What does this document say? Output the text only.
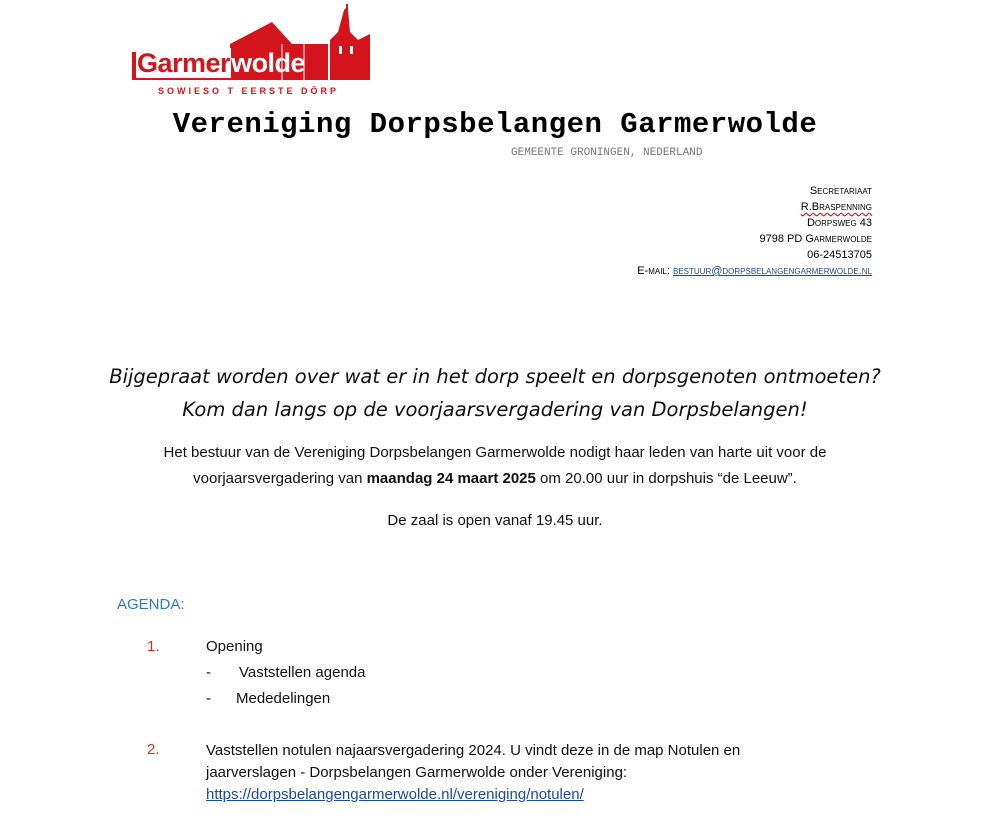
Garmerwolde
SOWIESO T EERSTE DÖRP
Vereniging Dorpsbelangen Garmerwolde
GEMEENTE GRONINGEN, NEDERLAND
Secretariaat
R.Braspenning
Dorpsweg 43
9798 PD Garmerwolde
06-24513705
E-mail: bestuur@dorpsbelangengarmerwolde.nl
Bijgepraat worden over wat er in het dorp speelt en dorpsgenoten ontmoeten?
Kom dan langs op de voorjaarsvergadering van Dorpsbelangen!
Het bestuur van de Vereniging Dorpsbelangen Garmerwolde nodigt haar leden van harte uit voor de voorjaarsvergadering van maandag 24 maart 2025 om 20.00 uur in dorpshuis “de Leeuw”.
De zaal is open vanaf 19.45 uur.
AGENDA:
1.	Opening
- Vaststellen agenda
- Mededelingen
2.	Vaststellen notulen najaarsvergadering 2024. U vindt deze in de map Notulen en jaarverslagen - Dorpsbelangen Garmerwolde onder Vereniging:
https://dorpsbelangengarmerwolde.nl/vereniging/notulen/
